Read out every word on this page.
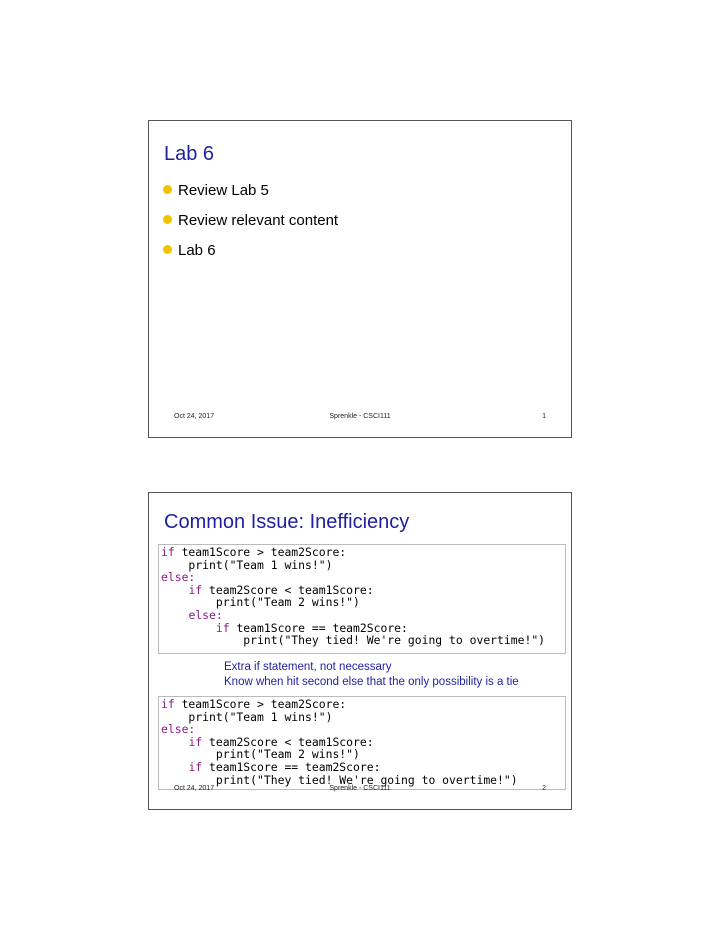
Lab 6
Review Lab 5
Review relevant content
Lab 6
Oct 24, 2017	Sprenkle - CSCI111	1
Common Issue: Inefficiency
if team1Score > team2Score:
print("Team 1 wins!")
else:
if team2Score < team1Score:
print("Team 2 wins!")
else:
if team1Score == team2Score:
print("They tied! We're going to overtime!")
Extra if statement, not necessary
Know when hit second else that the only possibility is a tie
if team1Score > team2Score:
print("Team 1 wins!")
else:
if team2Score < team1Score:
print("Team 2 wins!")
if team1Score == team2Score:
print("They tied! We're going to overtime!")
Oct 24, 2017	Sprenkle - CSCI111	2
